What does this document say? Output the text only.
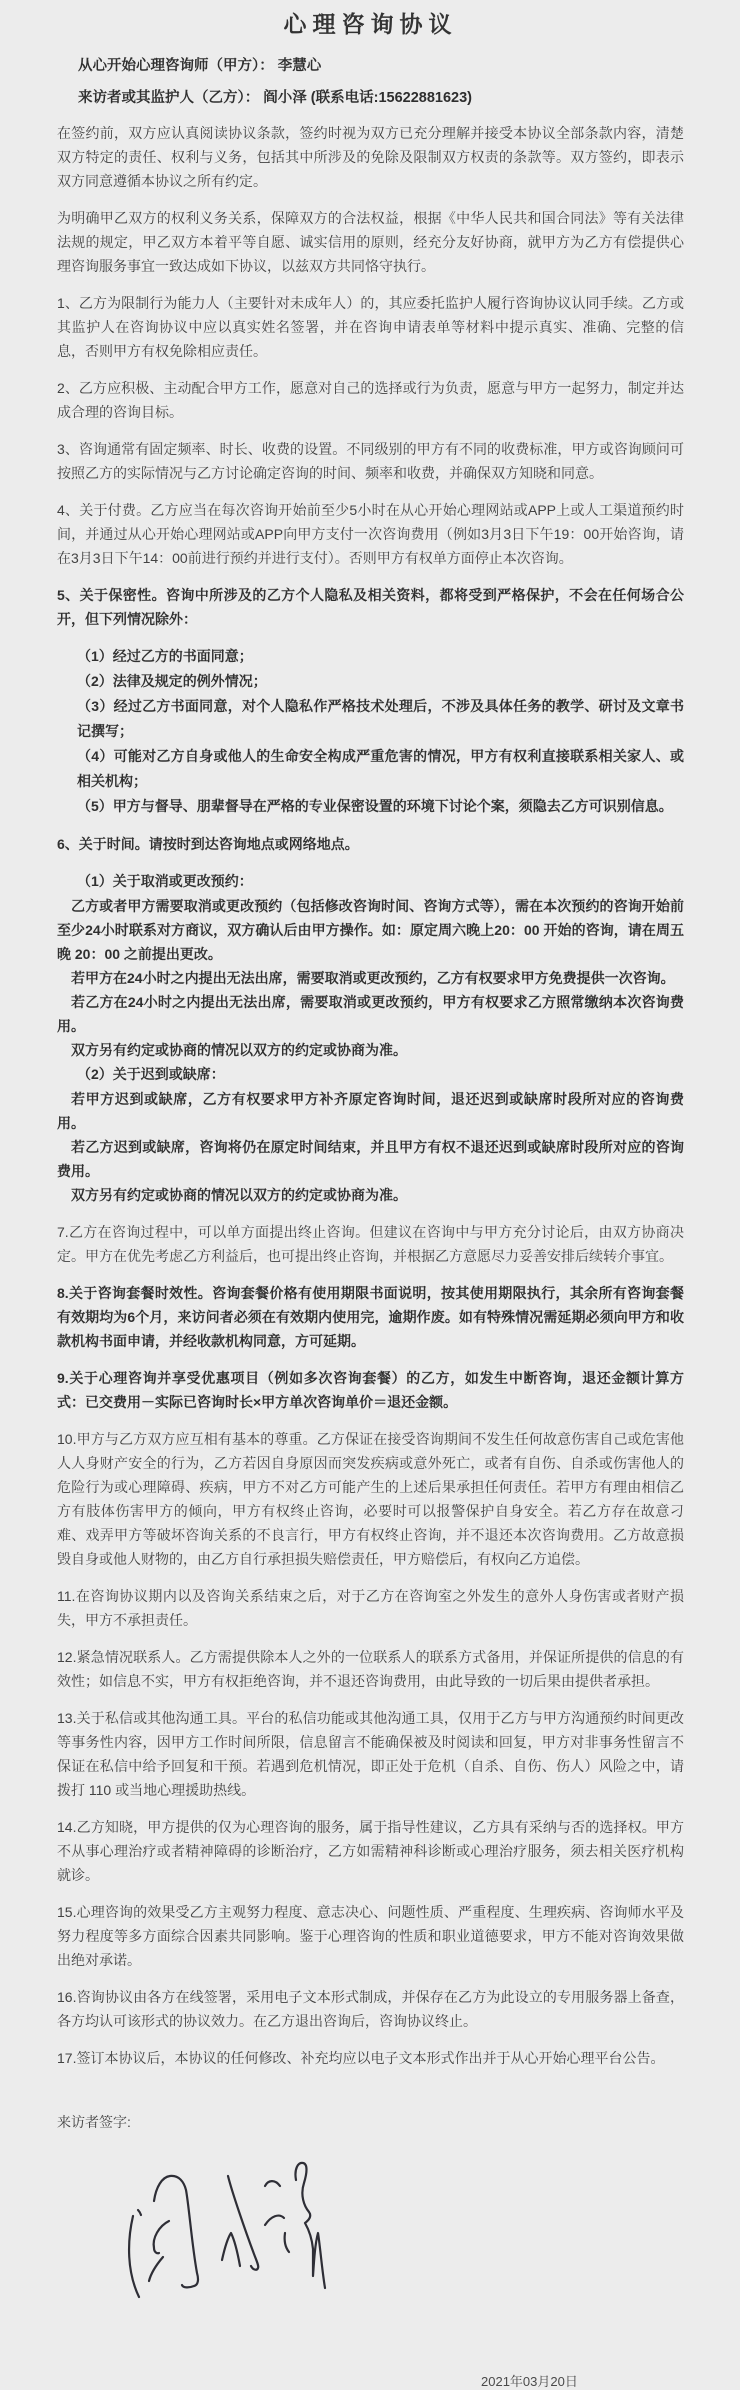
心理咨询协议
从心开始心理咨询师（甲方）： 李慧心
来访者或其监护人（乙方）： 阎小泽 (联系电话:15622881623)
在签约前，双方应认真阅读协议条款，签约时视为双方已充分理解并接受本协议全部条款内容，清楚双方特定的责任、权利与义务，包括其中所涉及的免除及限制双方权责的条款等。双方签约，即表示双方同意遵循本协议之所有约定。
为明确甲乙双方的权利义务关系，保障双方的合法权益，根据《中华人民共和国合同法》等有关法律法规的规定，甲乙双方本着平等自愿、诚实信用的原则，经充分友好协商，就甲方为乙方有偿提供心理咨询服务事宜一致达成如下协议，以兹双方共同恪守执行。
1、乙方为限制行为能力人（主要针对未成年人）的，其应委托监护人履行咨询协议认同手续。乙方或其监护人在咨询协议中应以真实姓名签署，并在咨询申请表单等材料中提示真实、准确、完整的信息，否则甲方有权免除相应责任。
2、乙方应积极、主动配合甲方工作，愿意对自己的选择或行为负责，愿意与甲方一起努力，制定并达成合理的咨询目标。
3、咨询通常有固定频率、时长、收费的设置。不同级别的甲方有不同的收费标准，甲方或咨询顾问可按照乙方的实际情况与乙方讨论确定咨询的时间、频率和收费，并确保双方知晓和同意。
4、关于付费。乙方应当在每次咨询开始前至少5小时在从心开始心理网站或APP上或人工渠道预约时间，并通过从心开始心理网站或APP向甲方支付一次咨询费用（例如3月3日下午19：00开始咨询，请在3月3日下午14：00前进行预约并进行支付）。否则甲方有权单方面停止本次咨询。
5、关于保密性。咨询中所涉及的乙方个人隐私及相关资料，都将受到严格保护，不会在任何场合公开，但下列情况除外：
（1）经过乙方的书面同意；
（2）法律及规定的例外情况；
（3）经过乙方书面同意，对个人隐私作严格技术处理后，不涉及具体任务的教学、研讨及文章书记撰写；
（4）可能对乙方自身或他人的生命安全构成严重危害的情况，甲方有权利直接联系相关家人、或相关机构；
（5）甲方与督导、朋辈督导在严格的专业保密设置的环境下讨论个案，须隐去乙方可识别信息。
6、关于时间。请按时到达咨询地点或网络地点。
（1）关于取消或更改预约：
乙方或者甲方需要取消或更改预约（包括修改咨询时间、咨询方式等），需在本次预约的咨询开始前至少24小时联系对方商议，双方确认后由甲方操作。如：原定周六晚上20：00 开始的咨询，请在周五晚 20：00 之前提出更改。
若甲方在24小时之内提出无法出席，需要取消或更改预约，乙方有权要求甲方免费提供一次咨询。
若乙方在24小时之内提出无法出席，需要取消或更改预约，甲方有权要求乙方照常缴纳本次咨询费用。
双方另有约定或协商的情况以双方的约定或协商为准。
（2）关于迟到或缺席：
若甲方迟到或缺席，乙方有权要求甲方补齐原定咨询时间，退还迟到或缺席时段所对应的咨询费用。
若乙方迟到或缺席，咨询将仍在原定时间结束，并且甲方有权不退还迟到或缺席时段所对应的咨询费用。
双方另有约定或协商的情况以双方的约定或协商为准。
7.乙方在咨询过程中，可以单方面提出终止咨询。但建议在咨询中与甲方充分讨论后，由双方协商决定。甲方在优先考虑乙方利益后，也可提出终止咨询，并根据乙方意愿尽力妥善安排后续转介事宜。
8.关于咨询套餐时效性。咨询套餐价格有使用期限书面说明，按其使用期限执行，其余所有咨询套餐有效期均为6个月，来访问者必须在有效期内使用完，逾期作废。如有特殊情况需延期必须向甲方和收款机构书面申请，并经收款机构同意，方可延期。
9.关于心理咨询并享受优惠项目（例如多次咨询套餐）的乙方，如发生中断咨询，退还金额计算方式：已交费用－实际已咨询时长×甲方单次咨询单价＝退还金额。
10.甲方与乙方双方应互相有基本的尊重。乙方保证在接受咨询期间不发生任何故意伤害自己或危害他人人身财产安全的行为，乙方若因自身原因而突发疾病或意外死亡，或者有自伤、自杀或伤害他人的危险行为或心理障碍、疾病，甲方不对乙方可能产生的上述后果承担任何责任。若甲方有理由相信乙方有肢体伤害甲方的倾向，甲方有权终止咨询，必要时可以报警保护自身安全。若乙方存在故意刁难、戏弄甲方等破坏咨询关系的不良言行，甲方有权终止咨询，并不退还本次咨询费用。乙方故意损毁自身或他人财物的，由乙方自行承担损失赔偿责任，甲方赔偿后，有权向乙方追偿。
11.在咨询协议期内以及咨询关系结束之后，对于乙方在咨询室之外发生的意外人身伤害或者财产损失，甲方不承担责任。
12.紧急情况联系人。乙方需提供除本人之外的一位联系人的联系方式备用，并保证所提供的信息的有效性；如信息不实，甲方有权拒绝咨询，并不退还咨询费用，由此导致的一切后果由提供者承担。
13.关于私信或其他沟通工具。平台的私信功能或其他沟通工具，仅用于乙方与甲方沟通预约时间更改等事务性内容，因甲方工作时间所限，信息留言不能确保被及时阅读和回复，甲方对非事务性留言不保证在私信中给予回复和干预。若遇到危机情况，即正处于危机（自杀、自伤、伤人）风险之中，请拨打 110 或当地心理援助热线。
14.乙方知晓，甲方提供的仅为心理咨询的服务，属于指导性建议，乙方具有采纳与否的选择权。甲方不从事心理治疗或者精神障碍的诊断治疗，乙方如需精神科诊断或心理治疗服务，须去相关医疗机构就诊。
15.心理咨询的效果受乙方主观努力程度、意志决心、问题性质、严重程度、生理疾病、咨询师水平及努力程度等多方面综合因素共同影响。鉴于心理咨询的性质和职业道德要求，甲方不能对咨询效果做出绝对承诺。
16.咨询协议由各方在线签署，采用电子文本形式制成，并保存在乙方为此设立的专用服务器上备查，各方均认可该形式的协议效力。在乙方退出咨询后，咨询协议终止。
17.签订本协议后，本协议的任何修改、补充均应以电子文本形式作出并于从心开始心理平台公告。
来访者签字:
2021年03月20日
